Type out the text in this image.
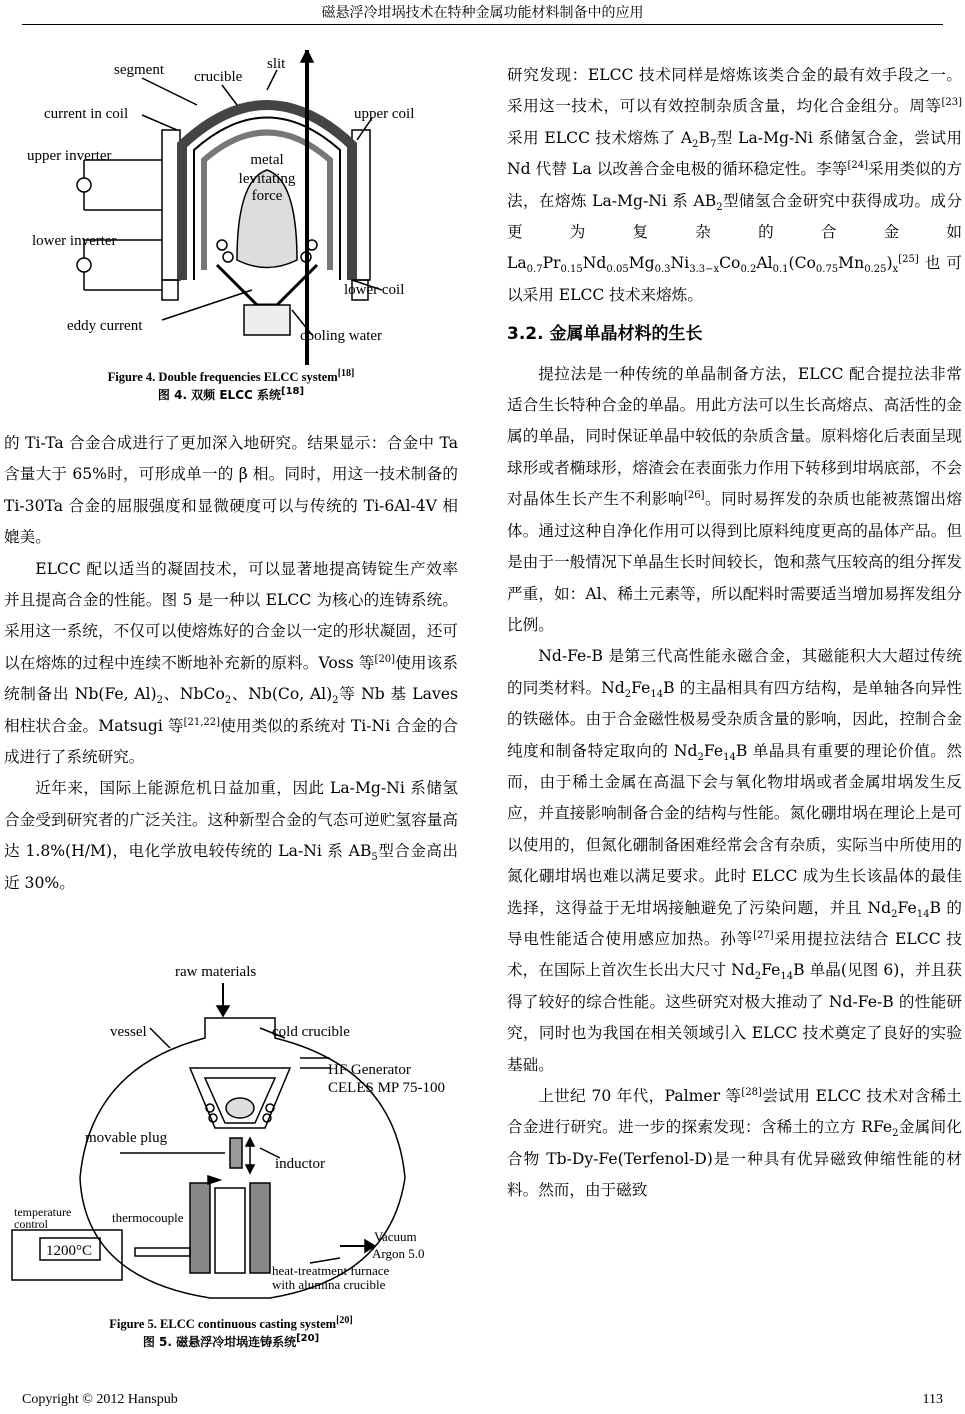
磁悬浮冷坩埚技术在特种金属功能材料制备中的应用
segment crucible
slit
current in coil	upper coil
upper inverter	metal
levitating
force
lower inverter
lower coil
eddy current
cooling water
Figure 4. Double frequencies ELCC system[18]
图 4. 双频 ELCC 系统[18]

的 Ti-Ta 合金合成进行了更加深入地研究。结果显示：合金中 Ta 含量大于 65%时，可形成单一的 β 相。同时，用这一技术制备的 Ti-30Ta 合金的屈服强度和显微硬度可以与传统的 Ti-6Al-4V 相媲美。

ELCC 配以适当的凝固技术，可以显著地提高铸锭生产效率并且提高合金的性能。图 5 是一种以 ELCC 为核心的连铸系统。采用这一系统，不仅可以使熔炼好的合金以一定的形状凝固，还可以在熔炼的过程中连续不断地补充新的原料。Voss 等[20]使用该系统制备出 Nb(Fe, $Al)_2$、NbCo$_2$、Nb(Co, $Al)_2$等 Nb 基 Laves 相柱状合金。Matsugi 等[21,22]使用类似的系统对 Ti-Ni 合金的合成进行了系统研究。

近年来，国际上能源危机日益加重，因此 La-Mg-Ni 系储氢合金受到研究者的广泛关注。这种新型合金的气态可逆贮氢容量高达 1.8%(H/M)，电化学放电较传统的 La-Ni 系 $AB_5$型合金高出近 30%。

raw materials
vessel	cold crucible
HF Generator
CELES MP 75-100
movable plug
inductor
temperature
control	thermocouple
1200°C
Vacuum
Argon 5.0
heat-treatment furnace
with alumina crucible
Figure 5. ELCC continuous casting system[20]
图 5. 磁悬浮冷坩埚连铸系统[20]

研究发现：ELCC 技术同样是熔炼该类合金的最有效手段之一。采用这一技术，可以有效控制杂质含量，均化合金组分。周等[23]采用 ELCC 技术熔炼了 $A_2B_7$型 La-Mg-Ni 系储氢合金，尝试用 Nd 代替 La 以改善合金电极的循环稳定性。李等[24]采用类似的方法，在熔炼 La-Mg-Ni 系 $AB_2$型储氢合金研究中获得成功。成分更为复杂的合金如 $La_{0.7}Pr_{0.15}Nd_{0.05}Mg_{0.3}Ni_{3.3-x}Co_{0.2}Al_{0.1}(Co_{0.75}Mn_{0.25})_x[25]$也可以采用 ELCC 技术来熔炼。

3.2. 金属单晶材料的生长

提拉法是一种传统的单晶制备方法，ELCC 配合提拉法非常适合生长特种合金的单晶。用此方法可以生长高熔点、高活性的金属的单晶，同时保证单晶中较低的杂质含量。原料熔化后表面呈现球形或者椭球形，熔渣会在表面张力作用下转移到坩埚底部，不会对晶体生长产生不利影响[26]。同时易挥发的杂质也能被蒸馏出熔体。通过这种自净化作用可以得到比原料纯度更高的晶体产品。但是由于一般情况下单晶生长时间较长，饱和蒸气压较高的组分挥发严重，如：Al、稀土元素等，所以配料时需要适当增加易挥发组分比例。

Nd-Fe-B 是第三代高性能永磁合金，其磁能积大大超过传统的同类材料。$Nd_2Fe_{14}B$ 的主晶相具有四方结构，是单轴各向异性的铁磁体。由于合金磁性极易受杂质含量的影响，因此，控制合金纯度和制备特定取向的 $Nd_2Fe_{14}B$ 单晶具有重要的理论价值。然而，由于稀土金属在高温下会与氧化物坩埚或者金属坩埚发生反应，并直接影响制备合金的结构与性能。氮化硼坩埚在理论上是可以使用的，但氮化硼制备困难经常会含有杂质，实际当中所使用的氮化硼坩埚也难以满足要求。此时 ELCC 成为生长该晶体的最佳选择，这得益于无坩埚接触避免了污染问题，并且 $Nd_2Fe_{14}B$ 的导电性能适合使用感应加热。孙等[27]采用提拉法结合 ELCC 技术，在国际上首次生长出大尺寸 $Nd_2Fe_{14}B$ 单晶(见图 6)，并且获得了较好的综合性能。这些研究对极大推动了 Nd-Fe-B 的性能研究，同时也为我国在相关领域引入 ELCC 技术奠定了良好的实验基础。

上世纪 70 年代，Palmer 等[28]尝试用 ELCC 技术对含稀土合金进行研究。进一步的探索发现：含稀土的立方 RFe$_2$金属间化合物 Tb-Dy-Fe(Terfenol-D)是一种具有优异磁致伸缩性能的材料。然而，由于磁致

Copyright © 2012 Hanspub	113
